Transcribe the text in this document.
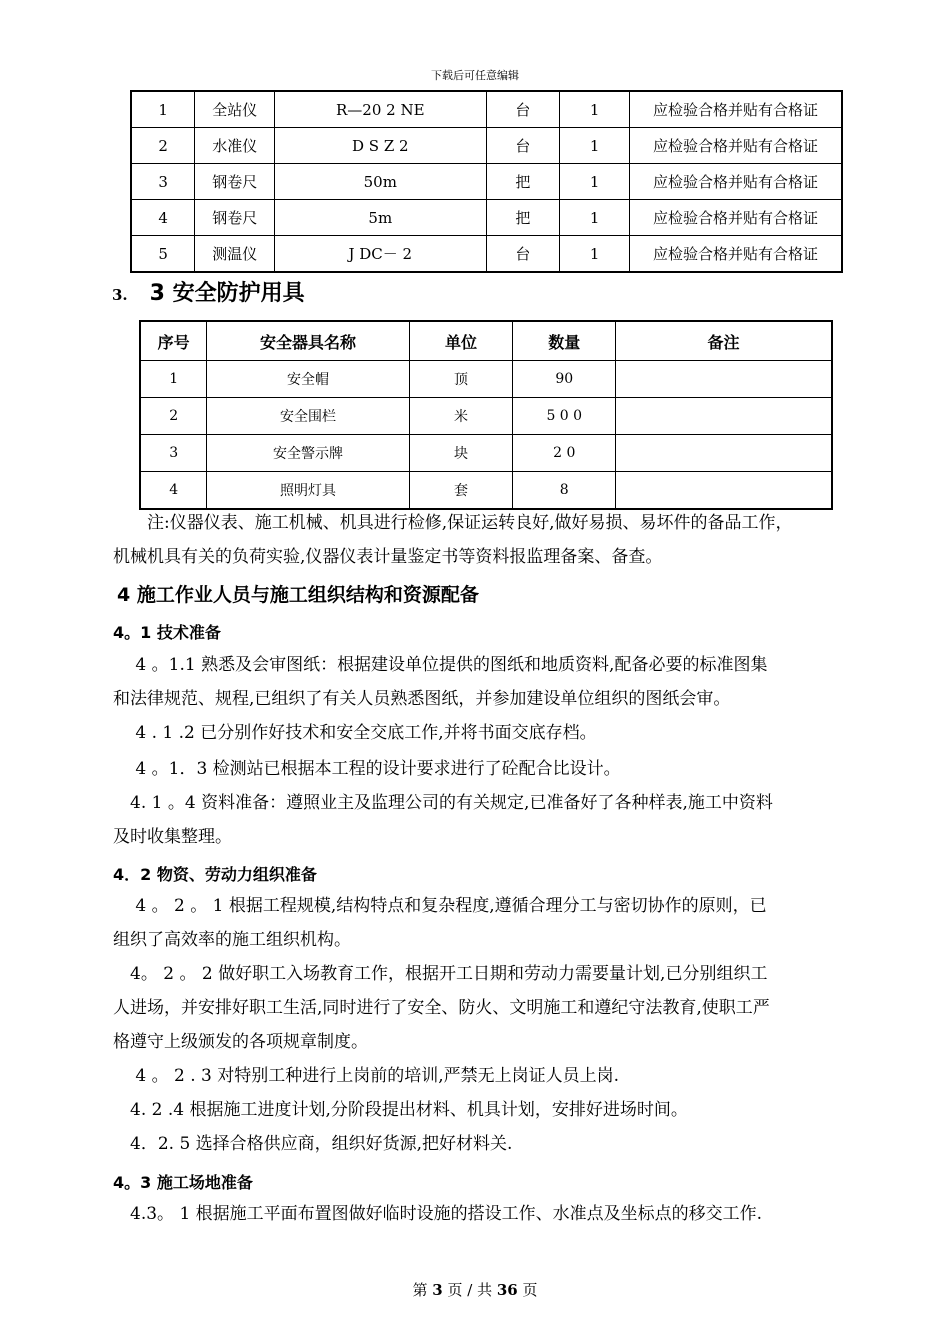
下载后可任意编辑
1	全站仪	R—20 2 NE	台	1	应检验合格并贴有合格证
2	水准仪	D S Z 2	台	1	应检验合格并贴有合格证
3	钢卷尺	50m	把	1	应检验合格并贴有合格证
4	钢卷尺	5m	把	1	应检验合格并贴有合格证
5	测温仪	J DC－ 2	台	1	应检验合格并贴有合格证
3. 3 安全防护用具
序号	安全器具名称	单位	数量	备注
1	安全帽	顶	90	
2	安全围栏	米	5 0 0	
3	安全警示牌	块	2 0	
4	照明灯具	套	8	
　　注:仪器仪表、施工机械、机具进行检修,保证运转良好,做好易损、易坏件的备品工作，
机械机具有关的负荷实验,仪器仪表计量鉴定书等资料报监理备案、备查。
4 施工作业人员与施工组织结构和资源配备
4。1 技术准备
　 4 。1.1 熟悉及会审图纸：根据建设单位提供的图纸和地质资料,配备必要的标准图集
和法律规范、规程,已组织了有关人员熟悉图纸，并参加建设单位组织的图纸会审。
　 4 . 1 .2 已分别作好技术和安全交底工作,并将书面交底存档。
　 4 。1．3 检测站已根据本工程的设计要求进行了砼配合比设计。
　4. 1 。4 资料准备：遵照业主及监理公司的有关规定,已准备好了各种样表,施工中资料
及时收集整理。
4．2 物资、劳动力组织准备
　 4 。 2 。 1 根据工程规模,结构特点和复杂程度,遵循合理分工与密切协作的原则，已
组织了高效率的施工组织机构。
　4。 2 。 2 做好职工入场教育工作，根据开工日期和劳动力需要量计划,已分别组织工
人进场，并安排好职工生活,同时进行了安全、防火、文明施工和遵纪守法教育,使职工严
格遵守上级颁发的各项规章制度。
　 4 。 2 . 3 对特别工种进行上岗前的培训,严禁无上岗证人员上岗.
　4. 2 .4 根据施工进度计划,分阶段提出材料、机具计划，安排好进场时间。
　4．2. 5 选择合格供应商，组织好货源,把好材料关.
4。3 施工场地准备
　4.3。 1 根据施工平面布置图做好临时设施的搭设工作、水准点及坐标点的移交工作.
第 3 页 / 共 36 页
